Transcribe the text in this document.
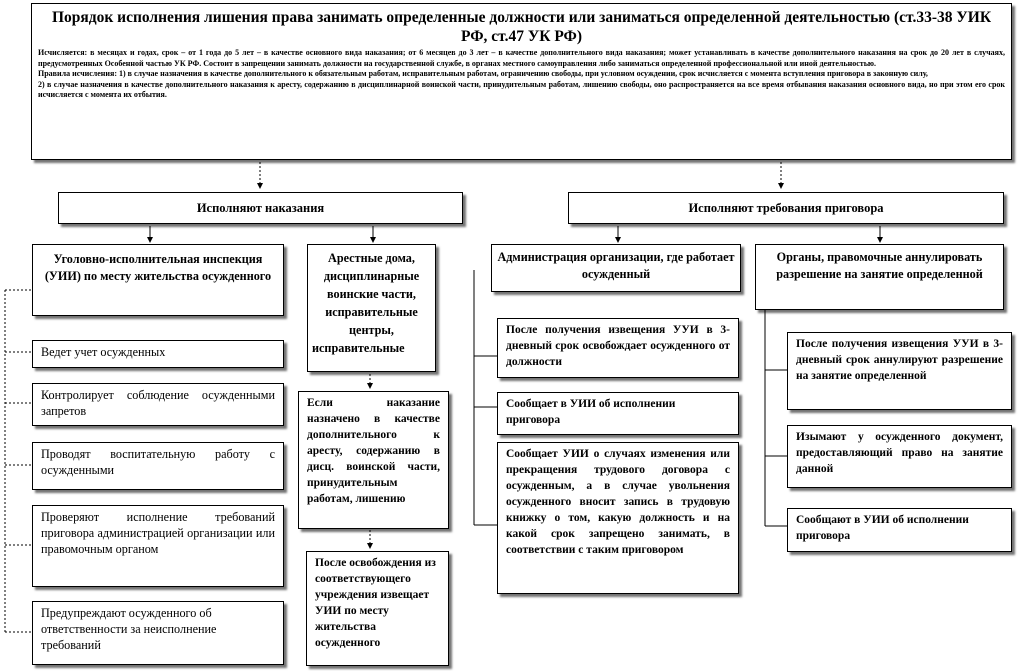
Порядок исполнения лишения права занимать определенные должности или заниматься определенной деятельностью (ст.33-38 УИК РФ, ст.47 УК РФ)
Исчисляется: в месяцах и годах, срок – от 1 года до 5 лет – в качестве основного вида наказания; от 6 месяцев до 3 лет – в качестве дополнительного вида наказания; может устанавливать в качестве дополнительного наказания на срок до 20 лет в случаях, предусмотренных Особенной частью УК РФ. Состоит в запрещении занимать должности на государственной службе, в органах местного самоуправления либо заниматься определенной профессиональной или иной деятельностью.
Правила исчисления: 1) в случае назначения в качестве дополнительного к обязательным работам, исправительным работам, ограничению свободы, при условном осуждении, срок исчисляется с момента вступления приговора в законную силу,
2) в случае назначения в качестве дополнительного наказания к аресту, содержанию в дисциплинарной воинской части, принудительным работам, лишению свободы, оно распространяется на все время отбывания наказания основного вида, но при этом его срок исчисляется с момента их отбытия.
Исполняют наказания	Исполняют требования приговора
Уголовно-исполнительная инспекция (УИИ) по месту жительства осужденного
Ведет учет осужденных
Контролирует соблюдение осужденными запретов
Проводят воспитательную работу с осужденными
Проверяют исполнение требований приговора администрацией организации или правомочным органом
Предупреждают осужденного об ответственности за неисполнение требований
Арестные дома, дисциплинарные воинские части, исправительные центры, исправительные
Если наказание назначено в качестве дополнительного к аресту, содержанию в дисц. воинской части, принудительным работам, лишению
После освобождения из соответствующего учреждения извещает УИИ по месту жительства осужденного
Администрация организации, где работает осужденный
После получения извещения УУИ в 3-дневный срок освобождает осужденного от должности
Сообщает в УИИ об исполнении приговора
Сообщает УИИ о случаях изменения или прекращения трудового договора с осужденным, а в случае увольнения осужденного вносит запись в трудовую книжку о том, какую должность и на какой срок запрещено занимать, в соответствии с таким приговором
Органы, правомочные аннулировать разрешение на занятие определенной
После получения извещения УУИ в 3-дневный срок аннулируют разрешение на занятие определенной
Изымают у осужденного документ, предоставляющий право на занятие данной
Сообщают в УИИ об исполнении приговора
